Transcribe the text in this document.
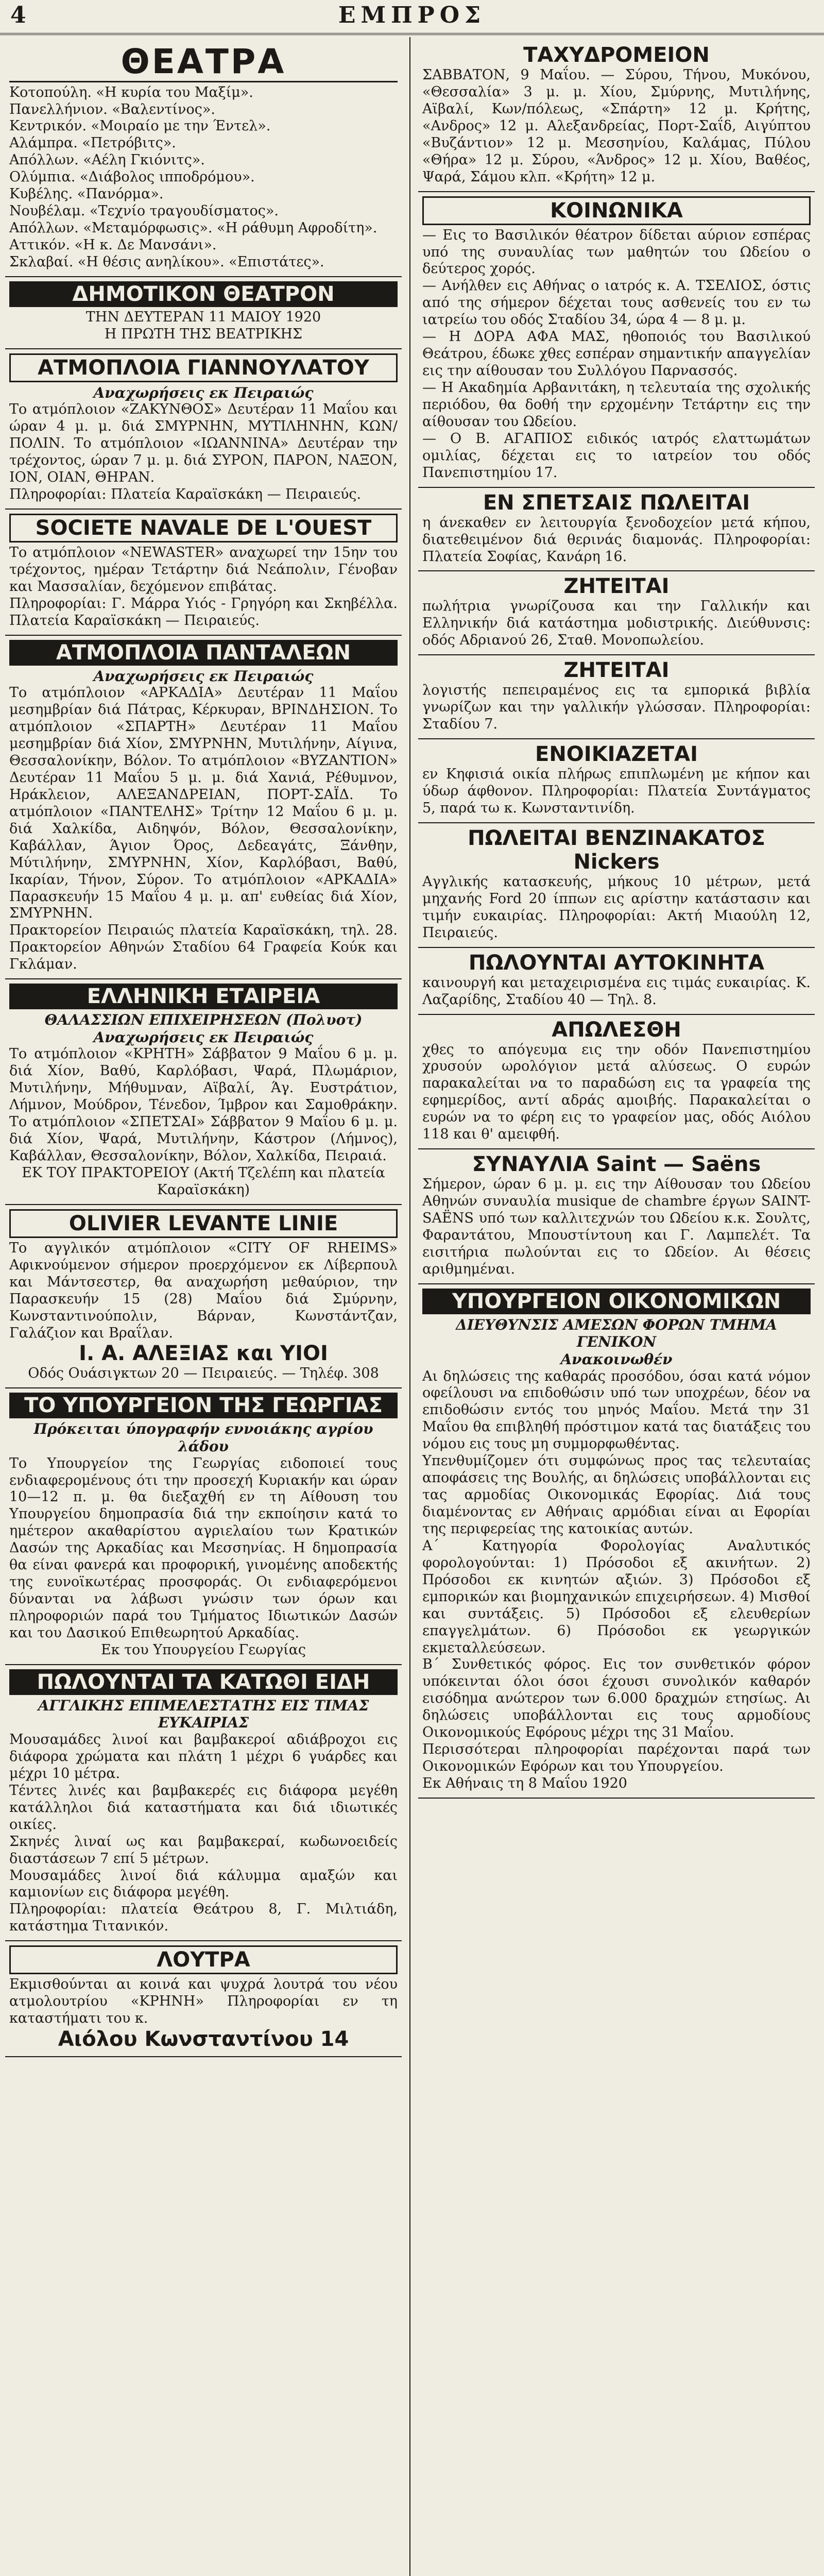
4	ΕΜΠΡΟΣ
ΘΕΑΤΡΑ
Κοτοπούλη. «Η κυρία του Μαξίμ».
Πανελλήνιον. «Βαλεντίνος».
Κεντρικόν. «Μοιραίο με την Έντελ».
Αλάμπρα. «Πετρόβιτς».
Απόλλων. «Αέλη Γκιόνιτς».
Ολύμπια. «Διάβολος ιπποδρόμου».
Κυβέλης. «Πανόρμα».
Νουβέλαμ. «Τεχνίο τραγουδίσματος».
Απόλλων. «Μεταμόρφωσις». «Η ράθυμη Αφροδίτη».
Αττικόν. «Η κ. Δε Μανσάνι».
Σκλαβαί. «Η θέσις ανηλίκου». «Επιστάτες».
ΔΗΜΟΤΙΚΟΝ ΘΕΑΤΡΟΝ
ΤΗΝ ΔΕΥΤΕΡΑΝ 11 ΜΑΙΟΥ 1920
Η ΠΡΩΤΗ ΤΗΣ ΒΕΑΤΡΙΚΗΣ
ΑΤΜΟΠΛΟΙΑ ΓΙΑΝΝΟΥΛΑΤΟΥ
Αναχωρήσεις εκ Πειραιώς
Το ατμόπλοιον «ΖΑΚΥΝΘΟΣ» Δευτέραν 11 Μαΐου και ώραν 4 μ. μ. διά ΣΜΥΡΝΗΝ, ΜΥΤΙΛΗΝΗΝ, ΚΩΝ/ΠΟΛΙΝ. Το ατμόπλοιον «ΙΩΑΝΝΙΝΑ» Δευτέραν την τρέχοντος, ώραν 7 μ. μ. διά ΣΥΡΟΝ, ΠΑΡΟΝ, ΝΑΞΟΝ, ΙΟΝ, ΟΙΑΝ, ΘΗΡΑΝ.
Πληροφορίαι: Πλατεία Καραϊσκάκη — Πειραιεύς.
SOCIETE NAVALE DE L'OUEST
Το ατμόπλοιον «NEWASTER» αναχωρεί την 15ην του τρέχοντος, ημέραν Τετάρτην διά Νεάπολιν, Γένοβαν και Μασσαλίαν, δεχόμενον επιβάτας.
Πληροφορίαι: Γ. Μάρρα Υιός - Γρηγόρη και Σκηβέλλα. Πλατεία Καραϊσκάκη — Πειραιεύς.
ΑΤΜΟΠΛΟΙΑ ΠΑΝΤΑΛΕΩΝ
Αναχωρήσεις εκ Πειραιώς
Το ατμόπλοιον «ΑΡΚΑΔΙΑ» Δευτέραν 11 Μαΐου μεσημβρίαν διά Πάτρας, Κέρκυραν, ΒΡΙΝΔΗΣΙΟΝ. Το ατμόπλοιον «ΣΠΑΡΤΗ» Δευτέραν 11 Μαΐου μεσημβρίαν διά Χίον, ΣΜΥΡΝΗΝ, Μυτιλήνην, Αίγινα, Θεσσαλονίκην, Βόλον. Το ατμόπλοιον «ΒΥΖΑΝΤΙΟΝ» Δευτέραν 11 Μαΐου 5 μ. μ. διά Χανιά, Ρέθυμνον, Ηράκλειον, ΑΛΕΞΑΝΔΡΕΙΑΝ, ΠΟΡΤ-ΣΑΪΔ. Το ατμόπλοιον «ΠΑΝΤΕΛΗΣ» Τρίτην 12 Μαΐου 6 μ. μ. διά Χαλκίδα, Αιδηψόν, Βόλον, Θεσσαλονίκην, Καβάλλαν, Άγιον Όρος, Δεδεαγάτς, Ξάνθην, Μύτιλήνην, ΣΜΥΡΝΗΝ, Χίον, Καρλόβασι, Βαθύ, Ικαρίαν, Τήνον, Σύρον. Το ατμόπλοιον «ΑΡΚΑΔΙΑ» Παρασκευήν 15 Μαΐου 4 μ. μ. απ' ευθείας διά Χίον, ΣΜΥΡΝΗΝ.
Πρακτορείον Πειραιώς πλατεία Καραϊσκάκη, τηλ. 28. Πρακτορείον Αθηνών Σταδίου 64 Γραφεία Κούκ και Γκλάμαν.
ΕΛΛΗΝΙΚΗ ΕΤΑΙΡΕΙΑ
ΘΑΛΑΣΣΙΩΝ ΕΠΙΧΕΙΡΗΣΕΩΝ (Πολυοτ)
Αναχωρήσεις εκ Πειραιώς
Το ατμόπλοιον «ΚΡΗΤΗ» Σάββατον 9 Μαΐου 6 μ. μ. διά Χίον, Βαθύ, Καρλόβασι, Ψαρά, Πλωμάριον, Μυτιλήνην, Μήθυμναν, Αϊβαλί, Άγ. Ευστράτιον, Λήμνον, Μούδρον, Τένεδον, Ίμβρον και Σαμοθράκην. Το ατμόπλοιον «ΣΠΕΤΣΑΙ» Σάββατον 9 Μαΐου 6 μ. μ. διά Χίον, Ψαρά, Μυτιλήνην, Κάστρον (Λήμνος), Καβάλλαν, Θεσσαλονίκην, Βόλον, Χαλκίδα, Πειραιά.
ΕΚ ΤΟΥ ΠΡΑΚΤΟΡΕΙΟΥ (Ακτή Τζελέπη και πλατεία Καραϊσκάκη)
OLIVIER LEVANTE LINIE
Το αγγλικόν ατμόπλοιον «CITY OF RHEIMS» Αφικνούμενον σήμερον προερχόμενον εκ Λίβερπουλ και Μάντσεστερ, θα αναχωρήση μεθαύριον, την Παρασκευήν 15 (28) Μαΐου διά Σμύρνην, Κωνσταντινούπολιν, Βάρναν, Κωνστάντζαν, Γαλάζιον και Βραΐλαν.
Ι. Α. ΑΛΕΞΙΑΣ και ΥΙΟΙ
Οδός Ουάσιγκτων 20 — Πειραιεύς. — Τηλέφ. 308
ΤΟ ΥΠΟΥΡΓΕΙΟΝ ΤΗΣ ΓΕΩΡΓΙΑΣ
Πρόκειται ύπογραφήν εννοιάκης αγρίου λάδου
Το Υπουργείον της Γεωργίας ειδοποιεί τους ενδιαφερομένους ότι την προσεχή Κυριακήν και ώραν 10—12 π. μ. θα διεξαχθή εν τη Αίθουση του Υπουργείου δημοπρασία διά την εκποίησιν κατά το ημέτερον ακαθαρίστου αγριελαίου των Κρατικών Δασών της Αρκαδίας και Μεσσηνίας. Η δημοπρασία θα είναι φανερά και προφορική, γινομένης αποδεκτής της ευνοϊκωτέρας προσφοράς. Οι ενδιαφερόμενοι δύνανται να λάβωσι γνώσιν των όρων και πληροφοριών παρά του Τμήματος Ιδιωτικών Δασών και του Δασικού Επιθεωρητού Αρκαδίας.
Εκ του Υπουργείου Γεωργίας
ΠΩΛΟΥΝΤΑΙ ΤΑ ΚΑΤΩΘΙ ΕΙΔΗ
ΑΓΓΛΙΚΗΣ ΕΠΙΜΕΛΕΣΤΑΤΗΣ ΕΙΣ ΤΙΜΑΣ ΕΥΚΑΙΡΙΑΣ
Μουσαμάδες λινοί και βαμβακεροί αδιάβροχοι εις διάφορα χρώματα και πλάτη 1 μέχρι 6 γυάρδες και μέχρι 10 μέτρα.
Τέντες λινές και βαμβακερές εις διάφορα μεγέθη κατάλληλοι διά καταστήματα και διά ιδιωτικές οικίες.
Σκηνές λιναί ως και βαμβακεραί, κωδωνοειδείς διαστάσεων 7 επί 5 μέτρων.
Μουσαμάδες λινοί διά κάλυμμα αμαξών και καμιονίων εις διάφορα μεγέθη.
Πληροφορίαι: πλατεία Θεάτρου 8, Γ. Μιλτιάδη, κατάστημα Τιτανικόν.
ΛΟΥΤΡΑ
Εκμισθούνται αι κοινά και ψυχρά λουτρά του νέου ατμολουτρίου «ΚΡΗΝΗ» Πληροφορίαι εν τη καταστήματι του κ.
Αιόλου Κωνσταντίνου 14
ΤΑΧΥΔΡΟΜΕΙΟΝ
ΣΑΒΒΑΤΟΝ, 9 Μαΐου. — Σύρου, Τήνου, Μυκόνου, «Θεσσαλία» 3 μ. μ. Χίου, Σμύρνης, Μυτιλήνης, Αϊβαλί, Κων/πόλεως, «Σπάρτη» 12 μ. Κρήτης, «Ανδρος» 12 μ. Αλεξανδρείας, Πορτ-Σαΐδ, Αιγύπτου «Βυζάντιον» 12 μ. Μεσσηνίου, Καλάμας, Πύλου «Θήρα» 12 μ. Σύρου, «Άνδρος» 12 μ. Χίου, Βαθέος, Ψαρά, Σάμου κλπ. «Κρήτη» 12 μ.
ΚΟΙΝΩΝΙΚΑ
— Εις το Βασιλικόν θέατρον δίδεται αύριον εσπέρας υπό της συναυλίας των μαθητών του Ωδείου ο δεύτερος χορός.
— Ανήλθεν εις Αθήνας ο ιατρός κ. Α. ΤΣΕΛΙΟΣ, όστις από της σήμερον δέχεται τους ασθενείς του εν τω ιατρείω του οδός Σταδίου 34, ώρα 4 — 8 μ. μ.
— Η ΔΟΡΑ ΑΦΑ ΜΑΣ, ηθοποιός του Βασιλικού Θεάτρου, έδωκε χθες εσπέραν σημαντικήν απαγγελίαν εις την αίθουσαν του Συλλόγου Παρνασσός.
— Η Ακαδημία Αρβανιτάκη, η τελευταία της σχολικής περιόδου, θα δοθή την ερχομένην Τετάρτην εις την αίθουσαν του Ωδείου.
— Ο Β. ΑΓΑΠΙΟΣ ειδικός ιατρός ελαττωμάτων ομιλίας, δέχεται εις το ιατρείον του οδός Πανεπιστημίου 17.
ΕΝ ΣΠΕΤΣΑΙΣ ΠΩΛΕΙΤΑΙ
η άνεκαθεν εν λειτουργία ξενοδοχείον μετά κήπου, διατεθειμένον διά θερινάς διαμονάς. Πληροφορίαι: Πλατεία Σοφίας, Κανάρη 16.
ΖΗΤΕΙΤΑΙ
πωλήτρια γνωρίζουσα και την Γαλλικήν και Ελληνικήν διά κατάστημα μοδιστρικής. Διεύθυνσις: οδός Αδριανού 26, Σταθ. Μονοπωλείου.
ΖΗΤΕΙΤΑΙ
λογιστής πεπειραμένος εις τα εμπορικά βιβλία γνωρίζων και την γαλλικήν γλώσσαν. Πληροφορίαι: Σταδίου 7.
ΕΝΟΙΚΙΑΖΕΤΑΙ
εν Κηφισιά οικία πλήρως επιπλωμένη με κήπον και ύδωρ άφθονον. Πληροφορίαι: Πλατεία Συντάγματος 5, παρά τω κ. Κωνσταντινίδη.
ΠΩΛΕΙΤΑΙ ΒΕΝΖΙΝΑΚΑΤΟΣ Nickers
Αγγλικής κατασκευής, μήκους 10 μέτρων, μετά μηχανής Ford 20 ίππων εις αρίστην κατάστασιν και τιμήν ευκαιρίας. Πληροφορίαι: Ακτή Μιαούλη 12, Πειραιεύς.
ΠΩΛΟΥΝΤΑΙ ΑΥΤΟΚΙΝΗΤΑ
καινουργή και μεταχειρισμένα εις τιμάς ευκαιρίας. Κ. Λαζαρίδης, Σταδίου 40 — Τηλ. 8.
ΑΠΩΛΕΣΘΗ
χθες το απόγευμα εις την οδόν Πανεπιστημίου χρυσούν ωρολόγιον μετά αλύσεως. Ο ευρών παρακαλείται να το παραδώση εις τα γραφεία της εφημερίδος, αντί αδράς αμοιβής. Παρακαλείται ο ευρών να το φέρη εις το γραφείον μας, οδός Αιόλου 118 και θ' αμειφθή.
ΣΥΝΑΥΛΙΑ Saint — Saëns
Σήμερον, ώραν 6 μ. μ. εις την Αίθουσαν του Ωδείου Αθηνών συναυλία musique de chambre έργων SAINT-SAËNS υπό των καλλιτεχνών του Ωδείου κ.κ. Σουλτς, Φαραντάτου, Μπουστίντουη και Γ. Λαμπελέτ. Τα εισιτήρια πωλούνται εις το Ωδείον. Αι θέσεις αριθμημέναι.
ΥΠΟΥΡΓΕΙΟΝ ΟΙΚΟΝΟΜΙΚΩΝ
ΔΙΕΥΘΥΝΣΙΣ ΑΜΕΣΩΝ ΦΟΡΩΝ ΤΜΗΜΑ ΓΕΝΙΚΟΝ
Ανακοινωθέν
Αι δηλώσεις της καθαράς προσόδου, όσαι κατά νόμον οφείλουσι να επιδοθώσιν υπό των υποχρέων, δέον να επιδοθώσιν εντός του μηνός Μαΐου. Μετά την 31 Μαΐου θα επιβληθή πρόστιμον κατά τας διατάξεις του νόμου εις τους μη συμμορφωθέντας.
Υπενθυμίζομεν ότι συμφώνως προς τας τελευταίας αποφάσεις της Βουλής, αι δηλώσεις υποβάλλονται εις τας αρμοδίας Οικονομικάς Εφορίας. Διά τους διαμένοντας εν Αθήναις αρμόδιαι είναι αι Εφορίαι της περιφερείας της κατοικίας αυτών.
Α΄ Κατηγορία Φορολογίας Αναλυτικός φορολογούνται: 1) Πρόσοδοι εξ ακινήτων. 2) Πρόσοδοι εκ κινητών αξιών. 3) Πρόσοδοι εξ εμπορικών και βιομηχανικών επιχειρήσεων. 4) Μισθοί και συντάξεις. 5) Πρόσοδοι εξ ελευθερίων επαγγελμάτων. 6) Πρόσοδοι εκ γεωργικών εκμεταλλεύσεων.
Β΄ Συνθετικός φόρος. Εις τον συνθετικόν φόρον υπόκεινται όλοι όσοι έχουσι συνολικόν καθαρόν εισόδημα ανώτερον των 6.000 δραχμών ετησίως. Αι δηλώσεις υποβάλλονται εις τους αρμοδίους Οικονομικούς Εφόρους μέχρι της 31 Μαΐου.
Περισσότεραι πληροφορίαι παρέχονται παρά των Οικονομικών Εφόρων και του Υπουργείου.
Εκ Αθήναις τη 8 Μαΐου 1920
